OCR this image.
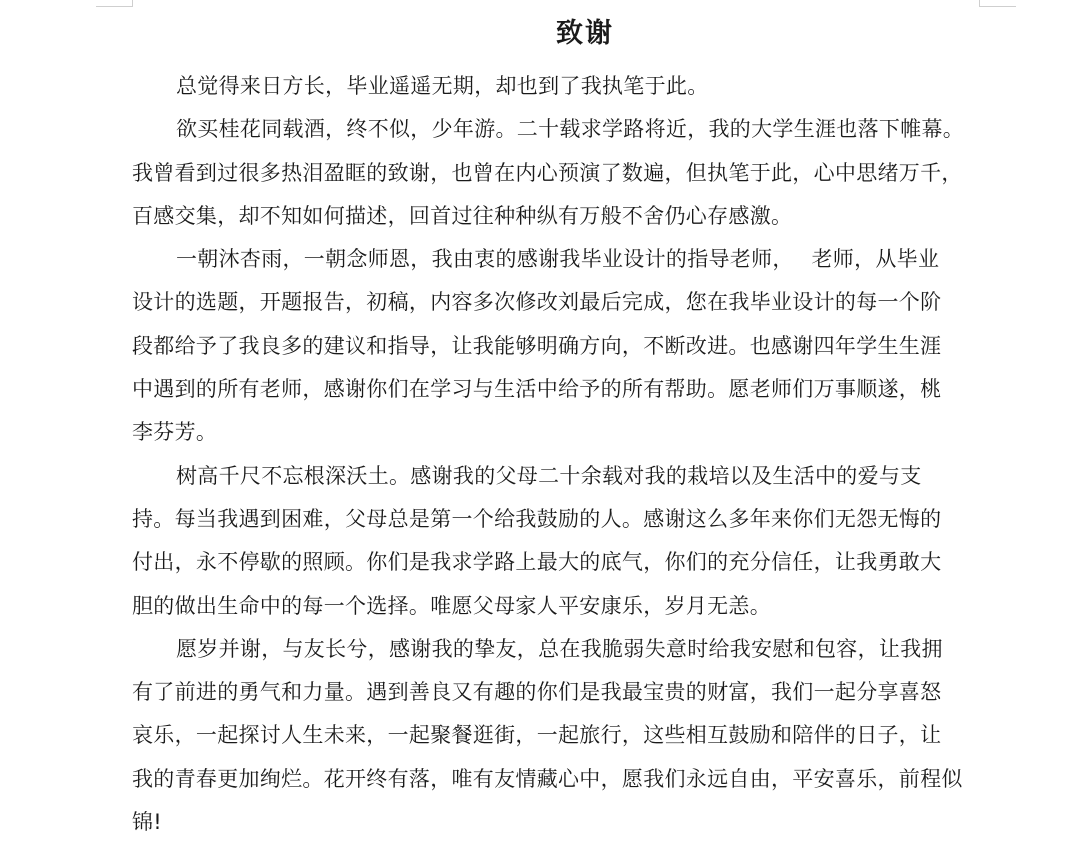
致谢

总觉得来日方长，毕业遥遥无期，却也到了我执笔于此。

欲买桂花同载酒，终不似，少年游。二十载求学路将近，我的大学生涯也落下帷幕。
我曾看到过很多热泪盈眶的致谢，也曾在内心预演了数遍，但执笔于此，心中思绪万千，
百感交集，却不知如何描述，回首过往种种纵有万般不舍仍心存感激。

一朝沐杏雨，一朝念师恩，我由衷的感谢我毕业设计的指导老师，　 老师，从毕业
设计的选题，开题报告，初稿，内容多次修改刘最后完成，您在我毕业设计的每一个阶
段都给予了我良多的建议和指导，让我能够明确方向，不断改进。也感谢四年学生生涯
中遇到的所有老师，感谢你们在学习与生活中给予的所有帮助。愿老师们万事顺遂，桃
李芬芳。

树高千尺不忘根深沃土。感谢我的父母二十余载对我的栽培以及生活中的爱与支
持。每当我遇到困难，父母总是第一个给我鼓励的人。感谢这么多年来你们无怨无悔的
付出，永不停歇的照顾。你们是我求学路上最大的底气，你们的充分信任，让我勇敢大
胆的做出生命中的每一个选择。唯愿父母家人平安康乐，岁月无恙。

愿岁并谢，与友长兮，感谢我的挚友，总在我脆弱失意时给我安慰和包容，让我拥
有了前进的勇气和力量。遇到善良又有趣的你们是我最宝贵的财富，我们一起分享喜怒
哀乐，一起探讨人生未来，一起聚餐逛街，一起旅行，这些相互鼓励和陪伴的日子，让
我的青春更加绚烂。花开终有落，唯有友情藏心中，愿我们永远自由，平安喜乐，前程似
锦!
